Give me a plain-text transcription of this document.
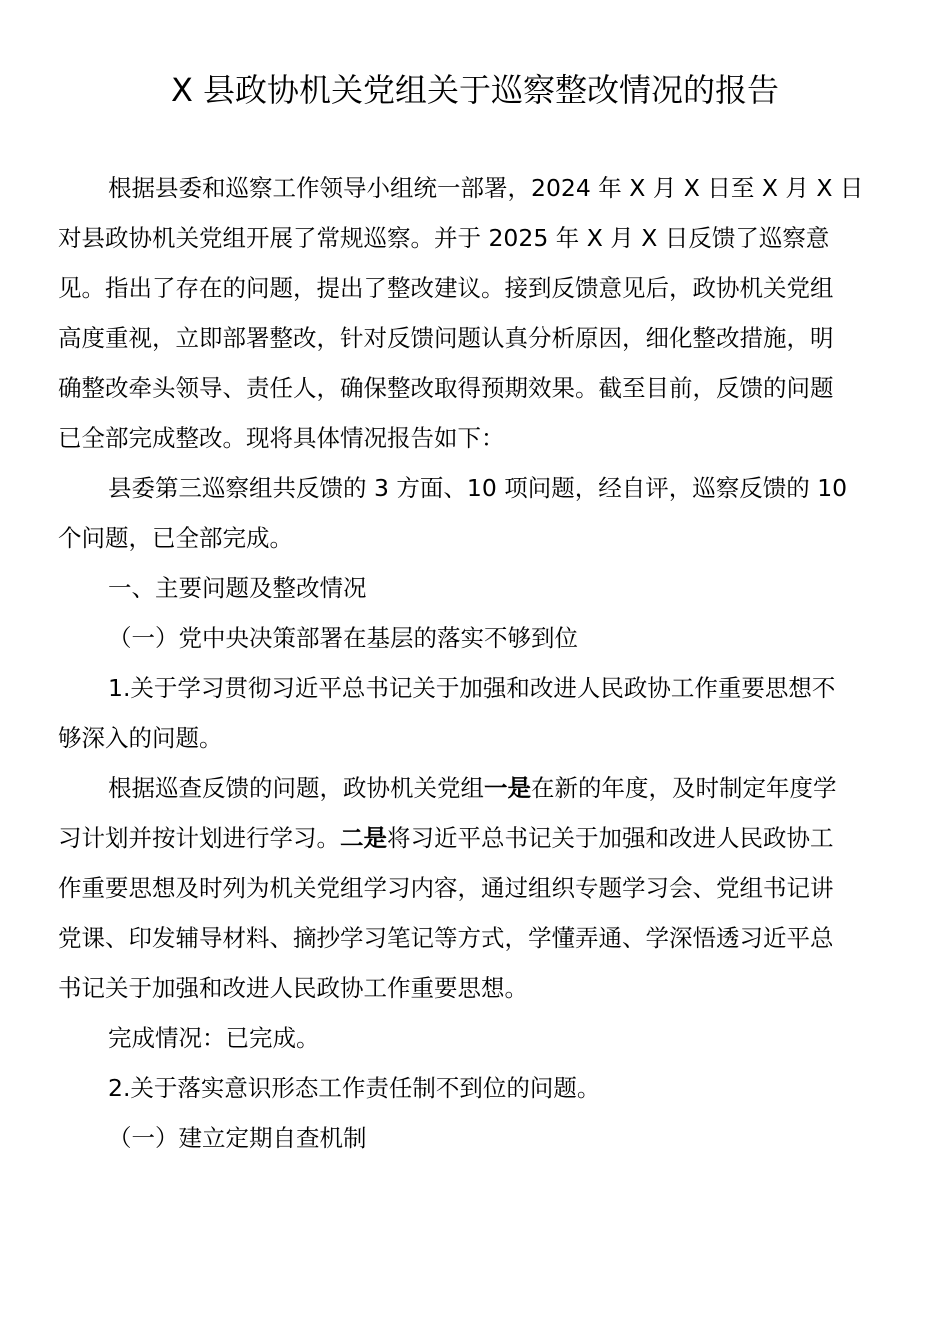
X 县政协机关党组关于巡察整改情况的报告
根据县委和巡察工作领导小组统一部署，2024 年 X 月 X 日至 X 月 X 日
对县政协机关党组开展了常规巡察。并于 2025 年 X 月 X 日反馈了巡察意
见。指出了存在的问题，提出了整改建议。接到反馈意见后，政协机关党组
高度重视，立即部署整改，针对反馈问题认真分析原因，细化整改措施，明
确整改牵头领导、责任人，确保整改取得预期效果。截至目前，反馈的问题
已全部完成整改。现将具体情况报告如下：
县委第三巡察组共反馈的 3 方面、10 项问题，经自评，巡察反馈的 10
个问题，已全部完成。
一、主要问题及整改情况
（一）党中央决策部署在基层的落实不够到位
1.关于学习贯彻习近平总书记关于加强和改进人民政协工作重要思想不
够深入的问题。
根据巡查反馈的问题，政协机关党组一是在新的年度，及时制定年度学
习计划并按计划进行学习。二是将习近平总书记关于加强和改进人民政协工
作重要思想及时列为机关党组学习内容，通过组织专题学习会、党组书记讲
党课、印发辅导材料、摘抄学习笔记等方式，学懂弄通、学深悟透习近平总
书记关于加强和改进人民政协工作重要思想。
完成情况：已完成。
2.关于落实意识形态工作责任制不到位的问题。
（一）建立定期自查机制
